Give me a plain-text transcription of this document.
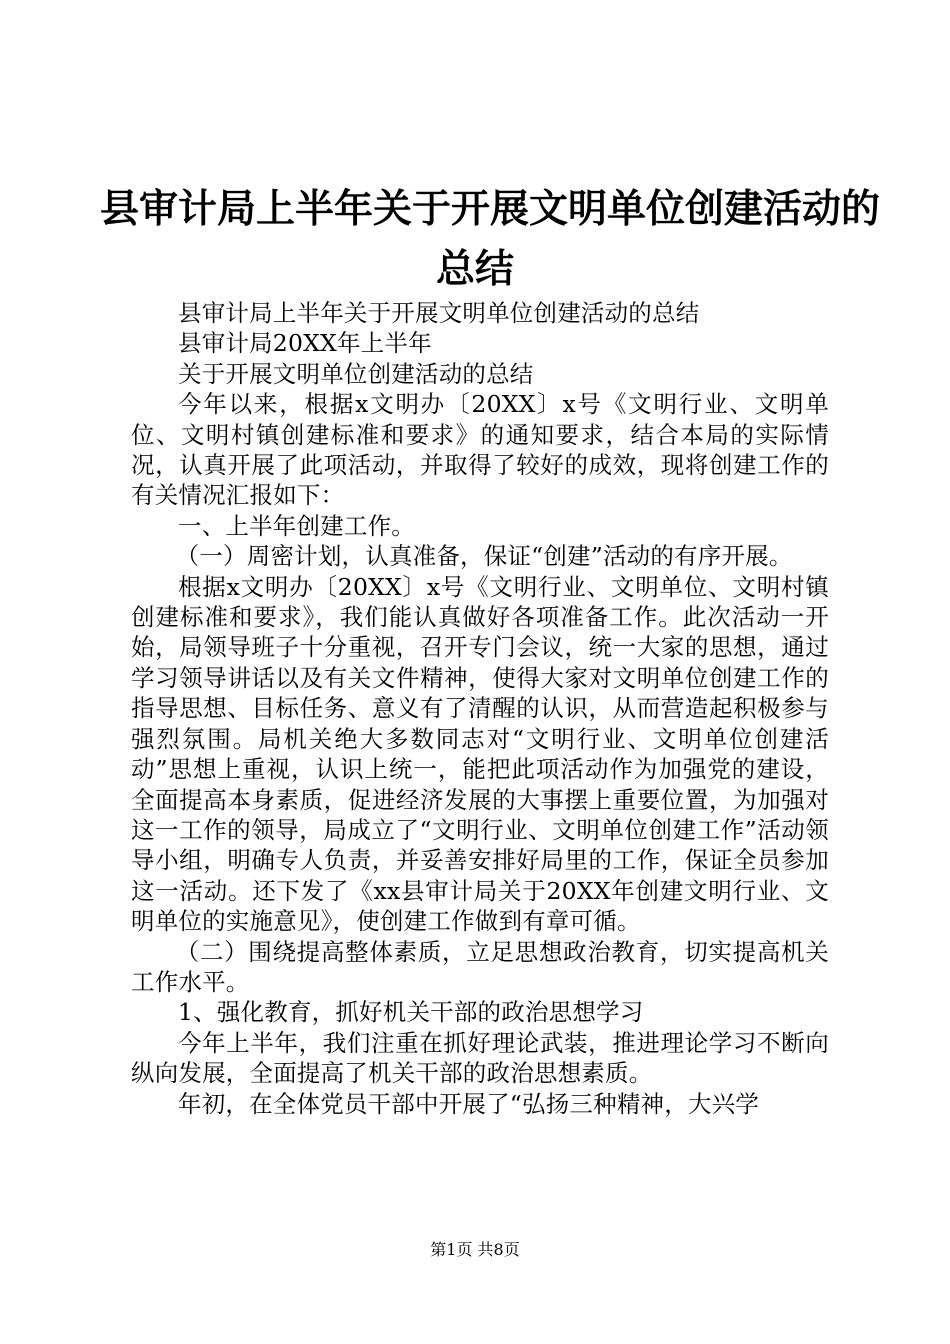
县审计局上半年关于开展文明单位创建活动的
总结

县审计局上半年关于开展文明单位创建活动的总结

县审计局20XX年上半年

关于开展文明单位创建活动的总结

今年以来，根据x文明办〔20XX〕x号《文明行业、文明单位、文明村镇创建标准和要求》的通知要求，结合本局的实际情况，认真开展了此项活动，并取得了较好的成效，现将创建工作的有关情况汇报如下：

一、上半年创建工作。

（一）周密计划，认真准备，保证“创建”活动的有序开展。

根据x文明办〔20XX〕x号《文明行业、文明单位、文明村镇创建标准和要求》，我们能认真做好各项准备工作。此次活动一开始，局领导班子十分重视，召开专门会议，统一大家的思想，通过学习领导讲话以及有关文件精神，使得大家对文明单位创建工作的指导思想、目标任务、意义有了清醒的认识，从而营造起积极参与强烈氛围。局机关绝大多数同志对“文明行业、文明单位创建活动”思想上重视，认识上统一，能把此项活动作为加强党的建设，全面提高本身素质，促进经济发展的大事摆上重要位置，为加强对这一工作的领导，局成立了“文明行业、文明单位创建工作”活动领导小组，明确专人负责，并妥善安排好局里的工作，保证全员参加这一活动。还下发了《xx县审计局关于20XX年创建文明行业、文明单位的实施意见》，使创建工作做到有章可循。

（二）围绕提高整体素质，立足思想政治教育，切实提高机关工作水平。

1、强化教育，抓好机关干部的政治思想学习

今年上半年，我们注重在抓好理论武装，推进理论学习不断向纵向发展，全面提高了机关干部的政治思想素质。

年初，在全体党员干部中开展了“弘扬三种精神，大兴学

第1页 共8页
